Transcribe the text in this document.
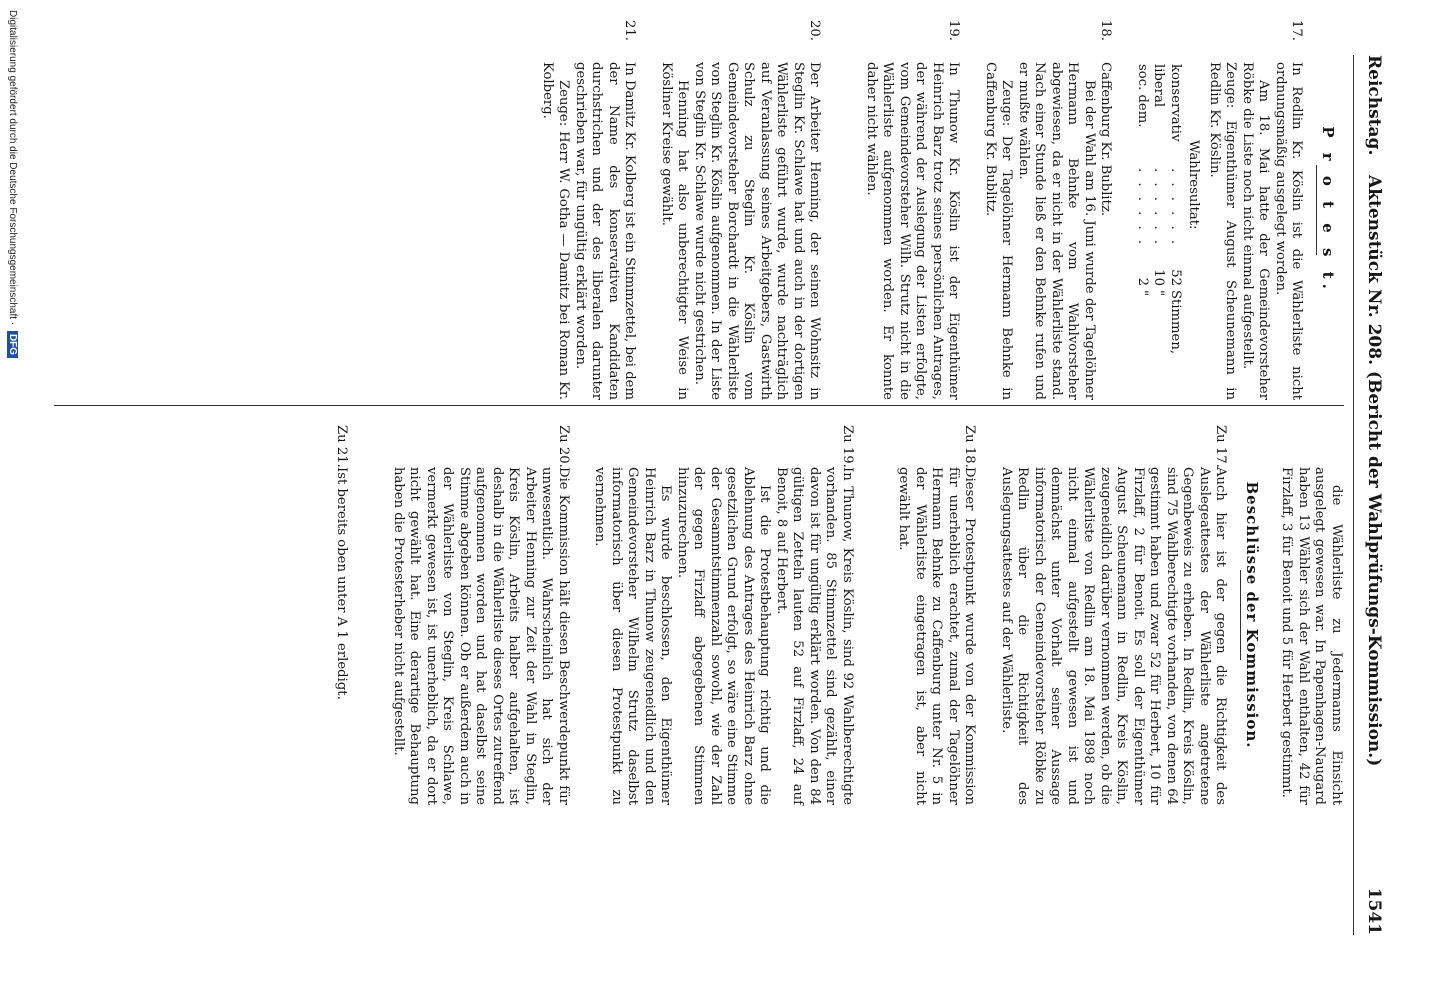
Reichstag.
Aktenstück Nr. 208. (Bericht der Wahlprüfungs-Kommission.)
1541
P r o t e s t.
17.

In Redlin Kr. Köslin ist die Wählerliste nicht ordnungsmäßig ausgelegt worden.

Am 18. Mai hatte der Gemeindevorsteher Röbke die Liste noch nicht einmal aufgestellt.

Zeuge: Eigenthümer August Scheunemann in Redlin Kr. Köslin.

Wahlresultat:
konservativ	. . . . . .	52	Stimmen,
liberal	. . . . . .	10	"
soc. dem.	. . . . . .	2	"
18.

Caffenburg Kr. Bublitz.

Bei der Wahl am 16. Juni wurde der Tagelöhner Hermann Behnke vom Wahlvorsteher abgewiesen, da er nicht in der Wählerliste stand. Nach einer Stunde ließ er den Behnke rufen und er mußte wählen.

Zeuge: Der Tagelöhner Hermann Behnke in Caffenburg Kr. Bublitz.

19.

In Thunow Kr. Köslin ist der Eigenthümer Heinrich Barz trotz seines persönlichen Antrages, der während der Auslegung der Listen erfolgte, vom Gemeindevorsteher Wilh. Strutz nicht in die Wählerliste aufgenommen worden. Er konnte daher nicht wählen.

20.

Der Arbeiter Henning, der seinen Wohnsitz in Steglin Kr. Schlawe hat und auch in der dortigen Wählerliste geführt wurde, wurde nachträglich auf Veranlassung seines Arbeitgebers, Gastwirth Schulz zu Steglin Kr. Köslin vom Gemeindevorsteher Borchardt in die Wählerliste von Steglin Kr. Köslin aufgenommen. In der Liste von Steglin Kr. Schlawe wurde nicht gestrichen.

Henning hat also unberechtigter Weise in Kösliner Kreise gewählt.

21.

In Damitz Kr. Kolberg ist ein Stimmzettel, bei dem der Name des konservativen Kandidaten durchstrichen und der des liberalen darunter geschrieben war, für ungültig erklärt worden.

Zeuge: Herr W. Gotha — Damitz bei Roman Kr. Kolberg.

die Wählerliste zu Jedermanns Einsicht ausgelegt gewesen war. In Papenhagen-Naugard haben 13 Wähler sich der Wahl enthalten, 42 für Firzlaff, 3 für Benoit und 5 für Herbert gestimmt.

Beschlüsse der Kommission.
Zu 17.

Auch hier ist der gegen die Richtigkeit des Auslegeattestes der Wählerliste angetretene Gegenbeweis zu erheben. In Redlin, Kreis Köslin, sind 75 Wahlberechtigte vorhanden, von denen 64 gestimmt haben und zwar 52 für Herbert, 10 für Firzlaff, 2 für Benoit. Es soll der Eigenthümer August Scheunemann in Redlin, Kreis Köslin, zeugeneidlich darüber vernommen werden, ob die Wählerliste von Redlin am 18. Mai 1898 noch nicht einmal aufgestellt gewesen ist und demnächst unter Vorhalt seiner Aussage informatorisch der Gemeindevorsteher Röbke zu Redlin über die Richtigkeit des Auslegungsattestes auf der Wählerliste.

Zu 18.

Dieser Protestpunkt wurde von der Kommission für unerheblich erachtet, zumal der Tagelöhner Hermann Behnke zu Caffenburg unter Nr. 5 in der Wählerliste eingetragen ist, aber nicht gewählt hat.

Zu 19.

In Thunow, Kreis Köslin, sind 92 Wahlberechtigte vorhanden. 85 Stimmzettel sind gezählt, einer davon ist für ungültig erklärt worden. Von den 84 gültigen Zetteln lauten 52 auf Firzlaff, 24 auf Benoit, 8 auf Herbert.

Ist die Protestbehauptung richtig und die Ablehnung des Antrages des Heinrich Barz ohne gesetzlichen Grund erfolgt, so wäre eine Stimme der Gesammtstimmenzahl sowohl, wie der Zahl der gegen Firzlaff abgegebenen Stimmen hinzuzurechnen.

Es wurde beschlossen, den Eigenthümer Heinrich Barz in Thunow zeugeneidlich und den Gemeindevorsteher Wilhelm Strutz daselbst informatorisch über diesen Protestpunkt zu vernehmen.

Zu 20.

Die Kommission hält diesen Beschwerdepunkt für unwesentlich. Wahrscheinlich hat sich der Arbeiter Henning zur Zeit der Wahl in Steglin, Kreis Köslin, Arbeits halber aufgehalten, ist deshalb in die Wählerliste dieses Ortes zutreffend aufgenommen worden und hat daselbst seine Stimme abgeben können. Ob er außerdem auch in der Wählerliste von Steglin, Kreis Schlawe, vermerkt gewesen ist, ist unerheblich, da er dort nicht gewählt hat. Eine derartige Behauptung haben die Protesterheber nicht aufgestellt.

Zu 21.

Ist bereits oben unter A 1 erledigt.

Digitalisierung gefördert durch die Deutsche Forschungsgemeinschaft · DFG
